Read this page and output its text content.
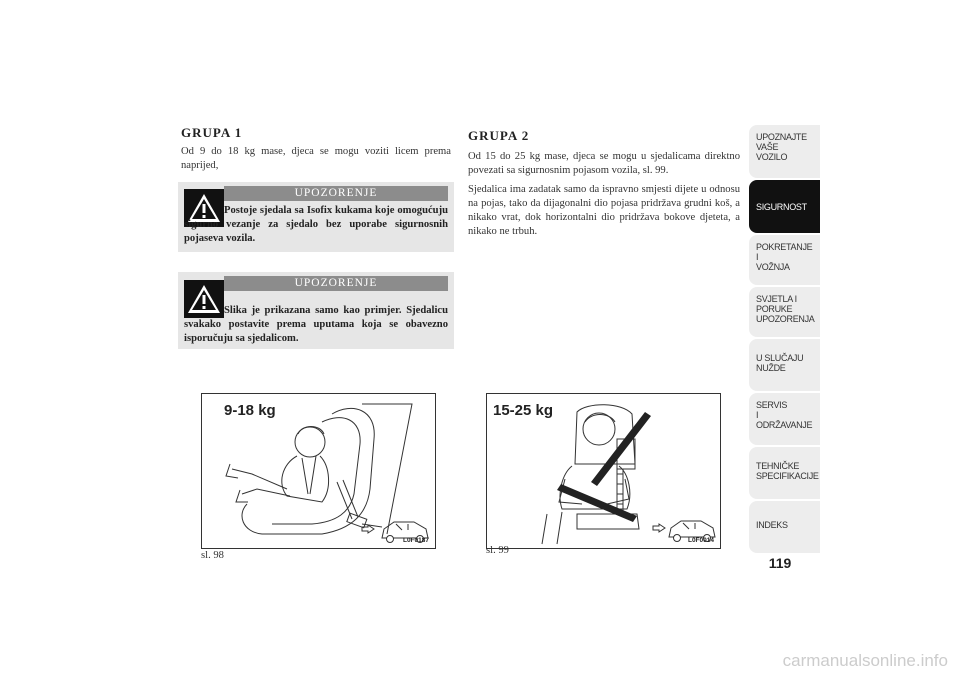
GRUPA 1

Od 9 do 18 kg mase, djeca se mogu voziti licem prema naprijed,

UPOZORENJE
Postoje sjedala sa Isofix kukama koje omogućuju sigurno vezanje za sjedalo bez uporabe sigurnosnih pojaseva vozila.
UPOZORENJE
Slika je prikazana samo kao primjer. Sjedalicu svakako postavite prema uputama koja se obavezno isporučuju sa sjedalicom.
9-18 kg
L0F0187
sl. 98
GRUPA 2

Od 15 do 25 kg mase, djeca se mogu u sjedalicama direktno povezati sa sigurnosnim pojasom vozila, sl. 99.

Sjedalica ima zadatak samo da ispravno smjesti dijete u odnosu na pojas, tako da dijagonalni dio pojasa pridržava grudni koš, a nikako vrat, dok horizontalni dio pridržava bokove djeteta, a nikako ne trbuh.

15-25 kg
L0F0014
sl. 99
UPOZNAJTE
VAŠE
VOZILO
SIGURNOST
POKRETANJE
I
VOŽNJA
SVJETLA I
PORUKE
UPOZORENJA
U SLUČAJU
NUŽDE
SERVIS
I
ODRŽAVANJE
TEHNIČKE
SPECIFIKACIJE
INDEKS
119
carmanualsonline.info
